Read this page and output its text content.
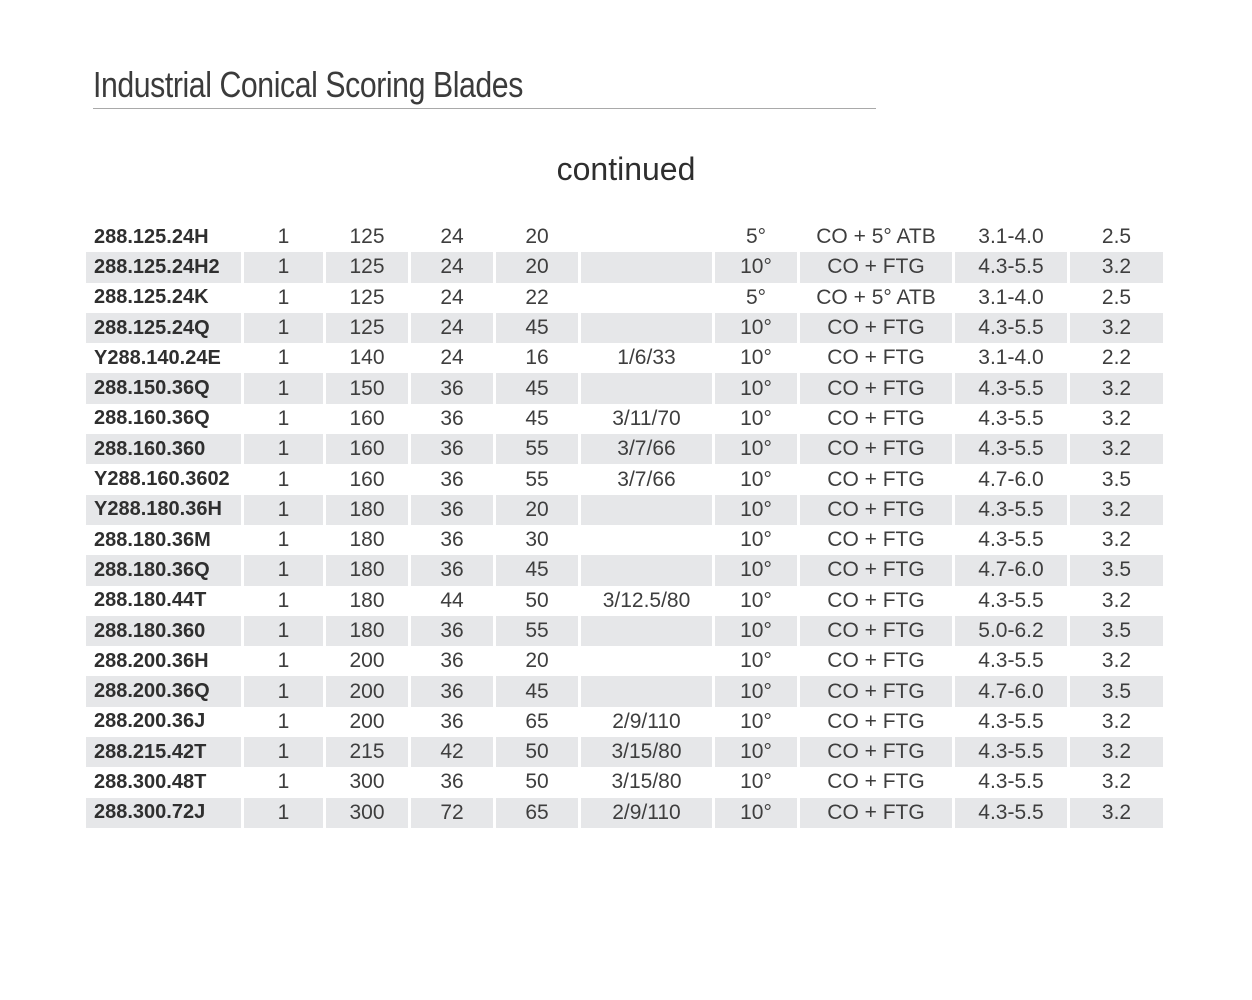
Industrial Conical Scoring Blades
continued
288.125.24H	1	125	24	20		5°	CO + 5° ATB	3.1-4.0	2.5
288.125.24H2	1	125	24	20		10°	CO + FTG	4.3-5.5	3.2
288.125.24K	1	125	24	22		5°	CO + 5° ATB	3.1-4.0	2.5
288.125.24Q	1	125	24	45		10°	CO + FTG	4.3-5.5	3.2
Y288.140.24E	1	140	24	16	1/6/33	10°	CO + FTG	3.1-4.0	2.2
288.150.36Q	1	150	36	45		10°	CO + FTG	4.3-5.5	3.2
288.160.36Q	1	160	36	45	3/11/70	10°	CO + FTG	4.3-5.5	3.2
288.160.360	1	160	36	55	3/7/66	10°	CO + FTG	4.3-5.5	3.2
Y288.160.3602	1	160	36	55	3/7/66	10°	CO + FTG	4.7-6.0	3.5
Y288.180.36H	1	180	36	20		10°	CO + FTG	4.3-5.5	3.2
288.180.36M	1	180	36	30		10°	CO + FTG	4.3-5.5	3.2
288.180.36Q	1	180	36	45		10°	CO + FTG	4.7-6.0	3.5
288.180.44T	1	180	44	50	3/12.5/80	10°	CO + FTG	4.3-5.5	3.2
288.180.360	1	180	36	55		10°	CO + FTG	5.0-6.2	3.5
288.200.36H	1	200	36	20		10°	CO + FTG	4.3-5.5	3.2
288.200.36Q	1	200	36	45		10°	CO + FTG	4.7-6.0	3.5
288.200.36J	1	200	36	65	2/9/110	10°	CO + FTG	4.3-5.5	3.2
288.215.42T	1	215	42	50	3/15/80	10°	CO + FTG	4.3-5.5	3.2
288.300.48T	1	300	36	50	3/15/80	10°	CO + FTG	4.3-5.5	3.2
288.300.72J	1	300	72	65	2/9/110	10°	CO + FTG	4.3-5.5	3.2
